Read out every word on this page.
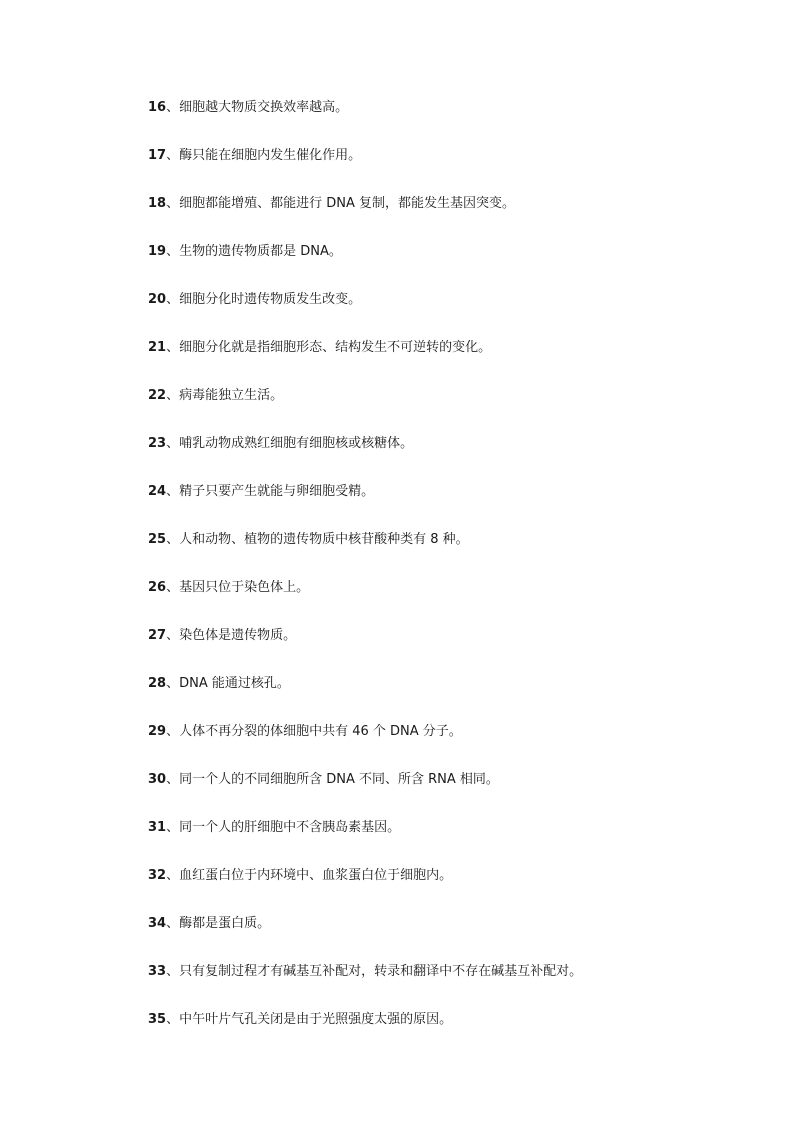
16、细胞越大物质交换效率越高。
17、酶只能在细胞内发生催化作用。
18、细胞都能增殖、都能进行 DNA 复制，都能发生基因突变。
19、生物的遗传物质都是 DNA。
20、细胞分化时遗传物质发生改变。
21、细胞分化就是指细胞形态、结构发生不可逆转的变化。
22、病毒能独立生活。
23、哺乳动物成熟红细胞有细胞核或核糖体。
24、精子只要产生就能与卵细胞受精。
25、人和动物、植物的遗传物质中核苷酸种类有 8 种。
26、基因只位于染色体上。
27、染色体是遗传物质。
28、DNA 能通过核孔。
29、人体不再分裂的体细胞中共有 46 个 DNA 分子。
30、同一个人的不同细胞所含 DNA 不同、所含 RNA 相同。
31、同一个人的肝细胞中不含胰岛素基因。
32、血红蛋白位于内环境中、血浆蛋白位于细胞内。
34、酶都是蛋白质。
33、只有复制过程才有碱基互补配对，转录和翻译中不存在碱基互补配对。
35、中午叶片气孔关闭是由于光照强度太强的原因。
